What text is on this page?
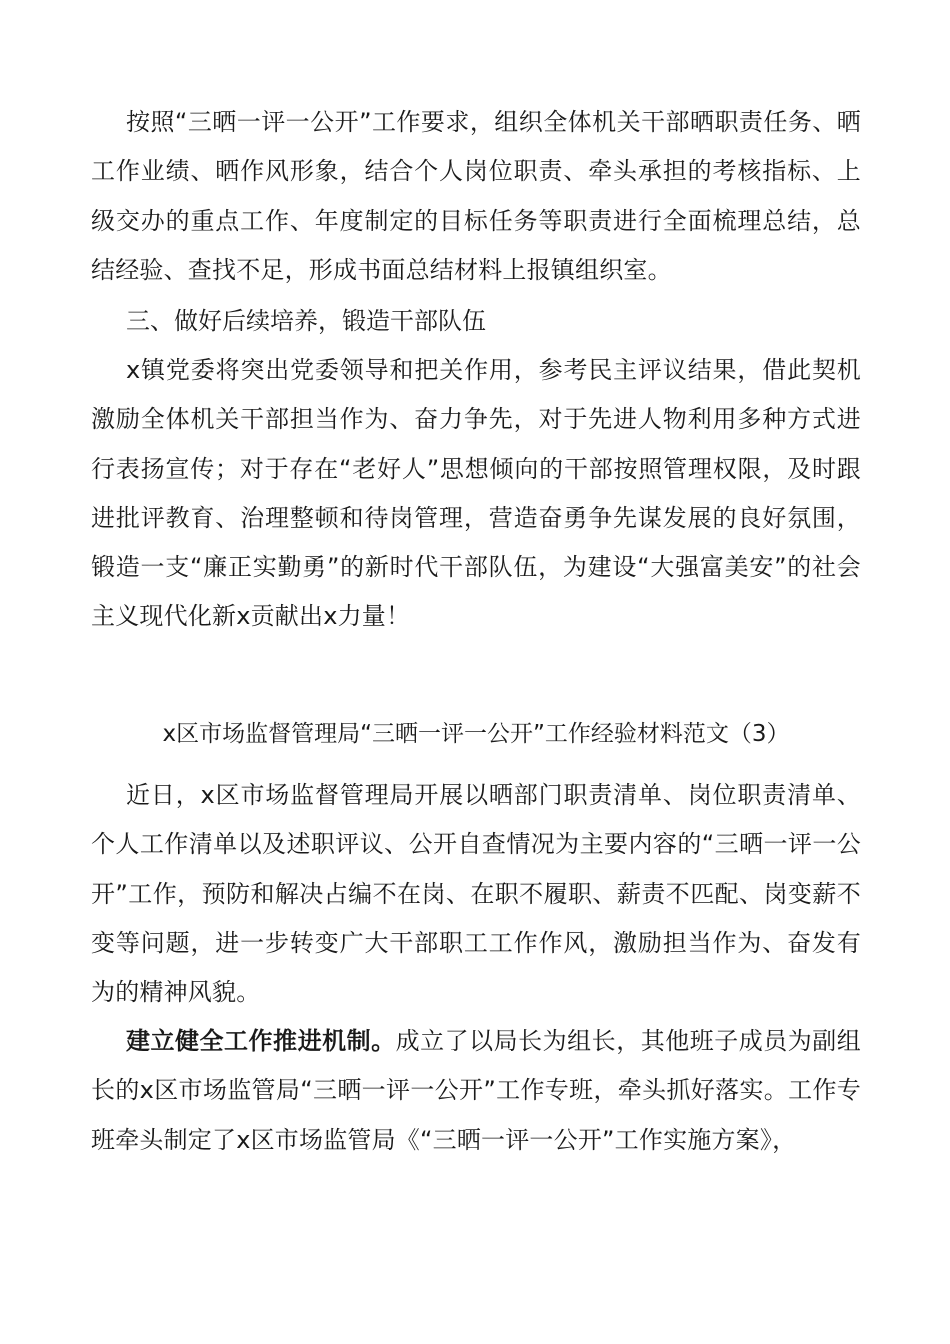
按照“三晒一评一公开”工作要求，组织全体机关干部晒职责任务、晒工作业绩、晒作风形象，结合个人岗位职责、牵头承担的考核指标、上级交办的重点工作、年度制定的目标任务等职责进行全面梳理总结，总结经验、查找不足，形成书面总结材料上报镇组织室。

三、做好后续培养，锻造干部队伍

x镇党委将突出党委领导和把关作用，参考民主评议结果，借此契机激励全体机关干部担当作为、奋力争先，对于先进人物利用多种方式进行表扬宣传；对于存在“老好人”思想倾向的干部按照管理权限，及时跟进批评教育、治理整顿和待岗管理，营造奋勇争先谋发展的良好氛围，锻造一支“廉正实勤勇”的新时代干部队伍，为建设“大强富美安”的社会主义现代化新x贡献出x力量！

x区市场监督管理局“三晒一评一公开”工作经验材料范文（3）

近日，x区市场监督管理局开展以晒部门职责清单、岗位职责清单、个人工作清单以及述职评议、公开自查情况为主要内容的“三晒一评一公开”工作，预防和解决占编不在岗、在职不履职、薪责不匹配、岗变薪不变等问题，进一步转变广大干部职工工作作风，激励担当作为、奋发有为的精神风貌。

建立健全工作推进机制。成立了以局长为组长，其他班子成员为副组长的x区市场监管局“三晒一评一公开”工作专班，牵头抓好落实。工作专班牵头制定了x区市场监管局《“三晒一评一公开”工作实施方案》，
